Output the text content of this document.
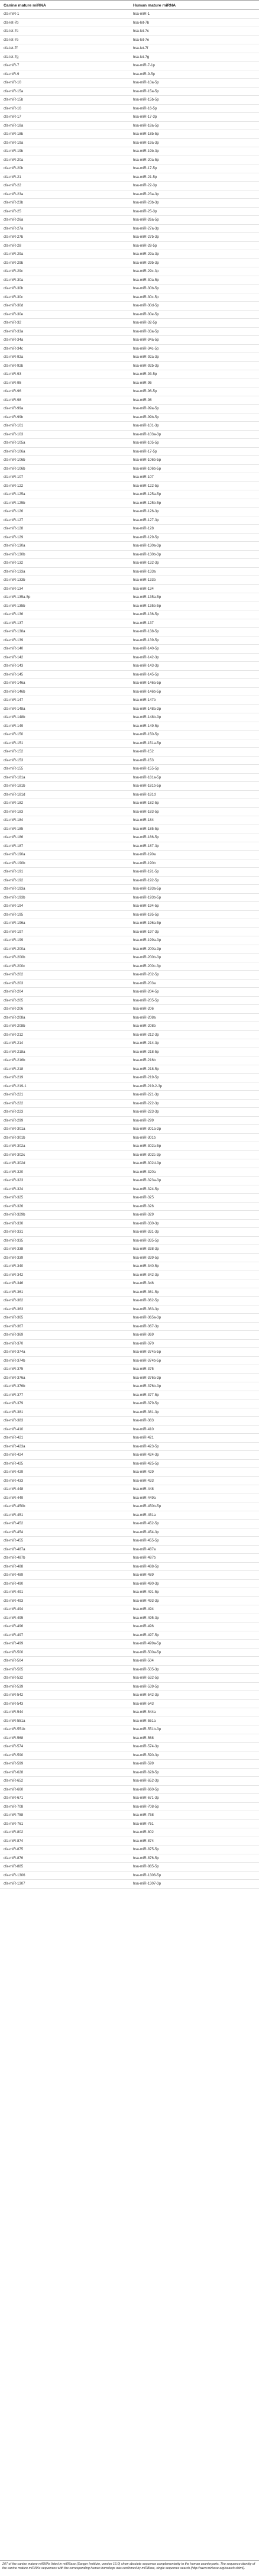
Canine mature miRNA	Human mature miRNA
cfa-miR-1	hsa-miR-1
cfa-let-7b	hsa-let-7b
cfa-let-7c	hsa-let-7c
cfa-let-7e	hsa-let-7e
cfa-let-7f	hsa-let-7f
cfa-let-7g	hsa-let-7g
cfa-miR-7	hsa-miR-7-1p
cfa-miR-9	hsa-miR-9-5p
cfa-miR-10	hsa-miR-10a-5p
cfa-miR-15a	hsa-miR-15a-5p
cfa-miR-15b	hsa-miR-15b-5p
cfa-miR-16	hsa-miR-16-5p
cfa-miR-17	hsa-miR-17-3p
cfa-miR-18a	hsa-miR-18a-5p
cfa-miR-18b	hsa-miR-18b-5p
cfa-miR-19a	hsa-miR-19a-3p
cfa-miR-19b	hsa-miR-19b-3p
cfa-miR-20a	hsa-miR-20a-5p
cfa-miR-20b	hsa-miR-17-5p
cfa-miR-21	hsa-miR-21-5p
cfa-miR-22	hsa-miR-22-3p
cfa-miR-23a	hsa-miR-23a-3p
cfa-miR-23b	hsa-miR-23b-3p
cfa-miR-25	hsa-miR-25-3p
cfa-miR-26a	hsa-miR-26a-5p
cfa-miR-27a	hsa-miR-27a-3p
cfa-miR-27b	hsa-miR-27b-3p
cfa-miR-28	hsa-miR-28-5p
cfa-miR-29a	hsa-miR-29a-3p
cfa-miR-29b	hsa-miR-29b-3p
cfa-miR-29c	hsa-miR-29c-3p
cfa-miR-30a	hsa-miR-30a-5p
cfa-miR-30b	hsa-miR-30b-5p
cfa-miR-30c	hsa-miR-30c-5p
cfa-miR-30d	hsa-miR-30d-5p
cfa-miR-30e	hsa-miR-30e-5p
cfa-miR-32	hsa-miR-32-5p
cfa-miR-33a	hsa-miR-33a-5p
cfa-miR-34a	hsa-miR-34a-5p
cfa-miR-34c	hsa-miR-34c-5p
cfa-miR-92a	hsa-miR-92a-3p
cfa-miR-92b	hsa-miR-92b-3p
cfa-miR-93	hsa-miR-93-5p
cfa-miR-95	hsa-miR-95
cfa-miR-96	hsa-miR-96-5p
cfa-miR-98	hsa-miR-98
cfa-miR-99a	hsa-miR-99a-5p
cfa-miR-99b	hsa-miR-99b-5p
cfa-miR-101	hsa-miR-101-3p
cfa-miR-103	hsa-miR-103a-3p
cfa-miR-105a	hsa-miR-105-5p
cfa-miR-106a	hsa-miR-17-5p
cfa-miR-106b	hsa-miR-106b-5p
cfa-miR-106b	hsa-miR-106b-5p
cfa-miR-107	hsa-miR-107
cfa-miR-122	hsa-miR-122-5p
cfa-miR-125a	hsa-miR-125a-5p
cfa-miR-125b	hsa-miR-125b-5p
cfa-miR-126	hsa-miR-126-3p
cfa-miR-127	hsa-miR-127-3p
cfa-miR-128	hsa-miR-128
cfa-miR-129	hsa-miR-129-5p
cfa-miR-130a	hsa-miR-130a-3p
cfa-miR-130b	hsa-miR-130b-3p
cfa-miR-132	hsa-miR-132-3p
cfa-miR-133a	hsa-miR-133a
cfa-miR-133b	hsa-miR-133b
cfa-miR-134	hsa-miR-134
cfa-miR-135a-5p	hsa-miR-135a-5p
cfa-miR-135b	hsa-miR-135b-5p
cfa-miR-136	hsa-miR-136-5p
cfa-miR-137	hsa-miR-137
cfa-miR-138a	hsa-miR-138-5p
cfa-miR-139	hsa-miR-139-5p
cfa-miR-140	hsa-miR-140-5p
cfa-miR-142	hsa-miR-142-3p
cfa-miR-143	hsa-miR-143-3p
cfa-miR-145	hsa-miR-145-5p
cfa-miR-146a	hsa-miR-146a-5p
cfa-miR-146b	hsa-miR-146b-5p
cfa-miR-147	hsa-miR-147b
cfa-miR-148a	hsa-miR-148a-3p
cfa-miR-148b	hsa-miR-148b-3p
cfa-miR-149	hsa-miR-149-5p
cfa-miR-150	hsa-miR-150-5p
cfa-miR-151	hsa-miR-151a-5p
cfa-miR-152	hsa-miR-152
cfa-miR-153	hsa-miR-153
cfa-miR-155	hsa-miR-155-5p
cfa-miR-181a	hsa-miR-181a-5p
cfa-miR-181b	hsa-miR-181b-5p
cfa-miR-181d	hsa-miR-181d
cfa-miR-182	hsa-miR-182-5p
cfa-miR-183	hsa-miR-183-5p
cfa-miR-184	hsa-miR-184
cfa-miR-185	hsa-miR-185-5p
cfa-miR-186	hsa-miR-186-5p
cfa-miR-187	hsa-miR-187-3p
cfa-miR-190a	hsa-miR-190a
cfa-miR-190b	hsa-miR-190b
cfa-miR-191	hsa-miR-191-5p
cfa-miR-192	hsa-miR-192-5p
cfa-miR-193a	hsa-miR-193a-5p
cfa-miR-193b	hsa-miR-193b-5p
cfa-miR-194	hsa-miR-194-5p
cfa-miR-195	hsa-miR-195-5p
cfa-miR-196a	hsa-miR-196a-5p
cfa-miR-197	hsa-miR-197-3p
cfa-miR-199	hsa-miR-199a-3p
cfa-miR-200a	hsa-miR-200a-3p
cfa-miR-200b	hsa-miR-200b-3p
cfa-miR-200c	hsa-miR-200c-3p
cfa-miR-202	hsa-miR-202-5p
cfa-miR-203	hsa-miR-203a
cfa-miR-204	hsa-miR-204-5p
cfa-miR-205	hsa-miR-205-5p
cfa-miR-206	hsa-miR-206
cfa-miR-208a	hsa-miR-208a
cfa-miR-208b	hsa-miR-208b
cfa-miR-212	hsa-miR-212-3p
cfa-miR-214	hsa-miR-214-3p
cfa-miR-218a	hsa-miR-218-5p
cfa-miR-216b	hsa-miR-216b
cfa-miR-218	hsa-miR-218-5p
cfa-miR-219	hsa-miR-219-5p
cfa-miR-219-1	hsa-miR-219-2-3p
cfa-miR-221	hsa-miR-221-3p
cfa-miR-222	hsa-miR-222-3p
cfa-miR-223	hsa-miR-223-3p
cfa-miR-299	hsa-miR-299
cfa-miR-301a	hsa-miR-301a-3p
cfa-miR-301b	hsa-miR-301b
cfa-miR-302a	hsa-miR-302a-5p
cfa-miR-302c	hsa-miR-302c-3p
cfa-miR-302d	hsa-miR-302d-3p
cfa-miR-320	hsa-miR-320a
cfa-miR-323	hsa-miR-323a-3p
cfa-miR-324	hsa-miR-324-5p
cfa-miR-325	hsa-miR-325
cfa-miR-326	hsa-miR-326
cfa-miR-329b	hsa-miR-329
cfa-miR-330	hsa-miR-330-3p
cfa-miR-331	hsa-miR-331-3p
cfa-miR-335	hsa-miR-335-5p
cfa-miR-338	hsa-miR-338-3p
cfa-miR-339	hsa-miR-339-5p
cfa-miR-340	hsa-miR-340-5p
cfa-miR-342	hsa-miR-342-3p
cfa-miR-346	hsa-miR-346
cfa-miR-361	hsa-miR-361-5p
cfa-miR-362	hsa-miR-362-5p
cfa-miR-363	hsa-miR-363-3p
cfa-miR-365	hsa-miR-365a-3p
cfa-miR-367	hsa-miR-367-3p
cfa-miR-369	hsa-miR-369
cfa-miR-370	hsa-miR-370
cfa-miR-374a	hsa-miR-374a-5p
cfa-miR-374b	hsa-miR-374b-5p
cfa-miR-375	hsa-miR-375
cfa-miR-376a	hsa-miR-376a-3p
cfa-miR-376b	hsa-miR-376b-3p
cfa-miR-377	hsa-miR-377-5p
cfa-miR-379	hsa-miR-379-5p
cfa-miR-381	hsa-miR-381-3p
cfa-miR-383	hsa-miR-383
cfa-miR-410	hsa-miR-410
cfa-miR-421	hsa-miR-421
cfa-miR-423a	hsa-miR-423-5p
cfa-miR-424	hsa-miR-424-3p
cfa-miR-425	hsa-miR-425-5p
cfa-miR-429	hsa-miR-429
cfa-miR-433	hsa-miR-433
cfa-miR-448	hsa-miR-448
cfa-miR-449	hsa-miR-449a
cfa-miR-450b	hsa-miR-450b-5p
cfa-miR-451	hsa-miR-451a
cfa-miR-452	hsa-miR-452-5p
cfa-miR-454	hsa-miR-454-3p
cfa-miR-455	hsa-miR-455-5p
cfa-miR-487a	hsa-miR-487a
cfa-miR-487b	hsa-miR-487b
cfa-miR-488	hsa-miR-488-5p
cfa-miR-489	hsa-miR-489
cfa-miR-490	hsa-miR-490-3p
cfa-miR-491	hsa-miR-491-5p
cfa-miR-493	hsa-miR-493-3p
cfa-miR-494	hsa-miR-494
cfa-miR-495	hsa-miR-495-3p
cfa-miR-496	hsa-miR-496
cfa-miR-497	hsa-miR-497-5p
cfa-miR-499	hsa-miR-499a-5p
cfa-miR-500	hsa-miR-500a-5p
cfa-miR-504	hsa-miR-504
cfa-miR-505	hsa-miR-505-3p
cfa-miR-532	hsa-miR-532-5p
cfa-miR-539	hsa-miR-539-5p
cfa-miR-542	hsa-miR-542-3p
cfa-miR-543	hsa-miR-543
cfa-miR-544	hsa-miR-544a
cfa-miR-551a	hsa-miR-551a
cfa-miR-551b	hsa-miR-551b-3p
cfa-miR-568	hsa-miR-568
cfa-miR-574	hsa-miR-574-3p
cfa-miR-590	hsa-miR-590-3p
cfa-miR-599	hsa-miR-599
cfa-miR-628	hsa-miR-628-5p
cfa-miR-652	hsa-miR-652-3p
cfa-miR-660	hsa-miR-660-5p
cfa-miR-671	hsa-miR-671-3p
cfa-miR-708	hsa-miR-708-5p
cfa-miR-758	hsa-miR-758
cfa-miR-761	hsa-miR-761
cfa-miR-802	hsa-miR-802
cfa-miR-874	hsa-miR-874
cfa-miR-875	hsa-miR-875-5p
cfa-miR-876	hsa-miR-876-5p
cfa-miR-885	hsa-miR-885-5p
cfa-miR-1306	hsa-miR-1306-5p
cfa-miR-1307	hsa-miR-1307-3p
207 of the canine mature miRNAs listed in miRBase (Sanger Institute, version 16.0) show absolute sequence complementarity to the human counterparts. The sequence identity of the canine mature miRNAs sequences with the corresponding human homologs was confirmed by miRBase, single sequence search (http://www.mirbase.org/search.shtml).
